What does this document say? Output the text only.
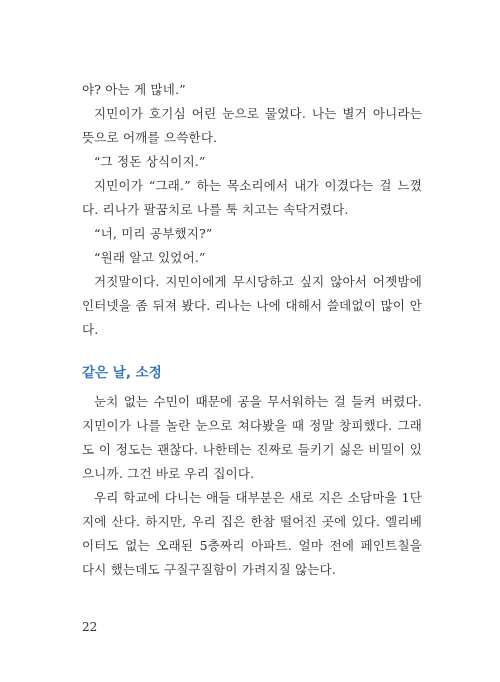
야? 아는 게 많네.”

지민이가 호기심 어린 눈으로 물었다. 나는 별거 아니라는 뜻으로 어깨를 으쓱한다.

“그 정돈 상식이지.”

지민이가 “그래.” 하는 목소리에서 내가 이겼다는 걸 느꼈다. 리나가 팔꿈치로 나를 툭 치고는 속닥거렸다.

“너, 미리 공부했지?”

“원래 알고 있었어.”

거짓말이다. 지민이에게 무시당하고 싶지 않아서 어젯밤에 인터넷을 좀 뒤져 봤다. 리나는 나에 대해서 쓸데없이 많이 안다.

같은 날, 소정

눈치 없는 수민이 때문에 공을 무서워하는 걸 들켜 버렸다. 지민이가 나를 놀란 눈으로 쳐다봤을 때 정말 창피했다. 그래도 이 정도는 괜찮다. 나한테는 진짜로 들키기 싫은 비밀이 있으니까. 그건 바로 우리 집이다.

우리 학교에 다니는 애들 대부분은 새로 지은 소담마을 1단지에 산다. 하지만, 우리 집은 한참 떨어진 곳에 있다. 엘리베이터도 없는 오래된 5층짜리 아파트. 얼마 전에 페인트칠을 다시 했는데도 구질구질함이 가려지질 않는다.

22
